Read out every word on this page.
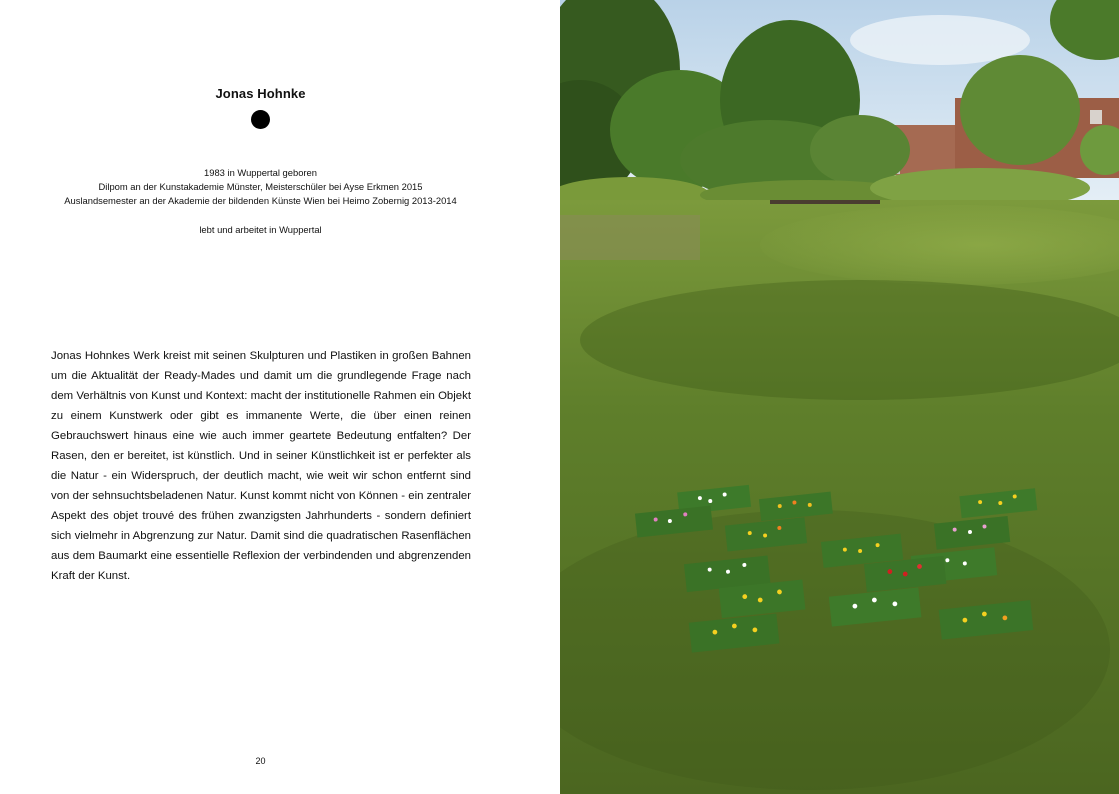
Jonas Hohnke
1983 in Wuppertal geboren
Dilpom an der Kunstakademie Münster, Meisterschüler bei Ayse Erkmen 2015
Auslandsemester an der Akademie der bildenden Künste Wien bei Heimo Zobernig 2013-2014
lebt und arbeitet in Wuppertal
Jonas Hohnkes Werk kreist mit seinen Skulpturen und Plastiken in großen Bahnen um die Aktualität der Ready-Mades und damit um die grundlegende Frage nach dem Verhältnis von Kunst und Kontext: macht der institutionelle Rahmen ein Objekt zu einem Kunstwerk oder gibt es immanente Werte, die über einen reinen Gebrauchswert hinaus eine wie auch immer geartete Bedeutung entfalten? Der Rasen, den er bereitet, ist künstlich. Und in seiner Künstlichkeit ist er perfekter als die Natur - ein Widerspruch, der deutlich macht, wie weit wir schon entfernt sind von der sehnsuchtsbeladenen Natur. Kunst kommt nicht von Können - ein zentraler Aspekt des objet trouvé des frühen zwanzigsten Jahrhunderts - sondern definiert sich vielmehr in Abgrenzung zur Natur. Damit sind die quadratischen Rasenflächen aus dem Baumarkt eine essentielle Reflexion der verbindenden und abgrenzenden Kraft der Kunst.
20
